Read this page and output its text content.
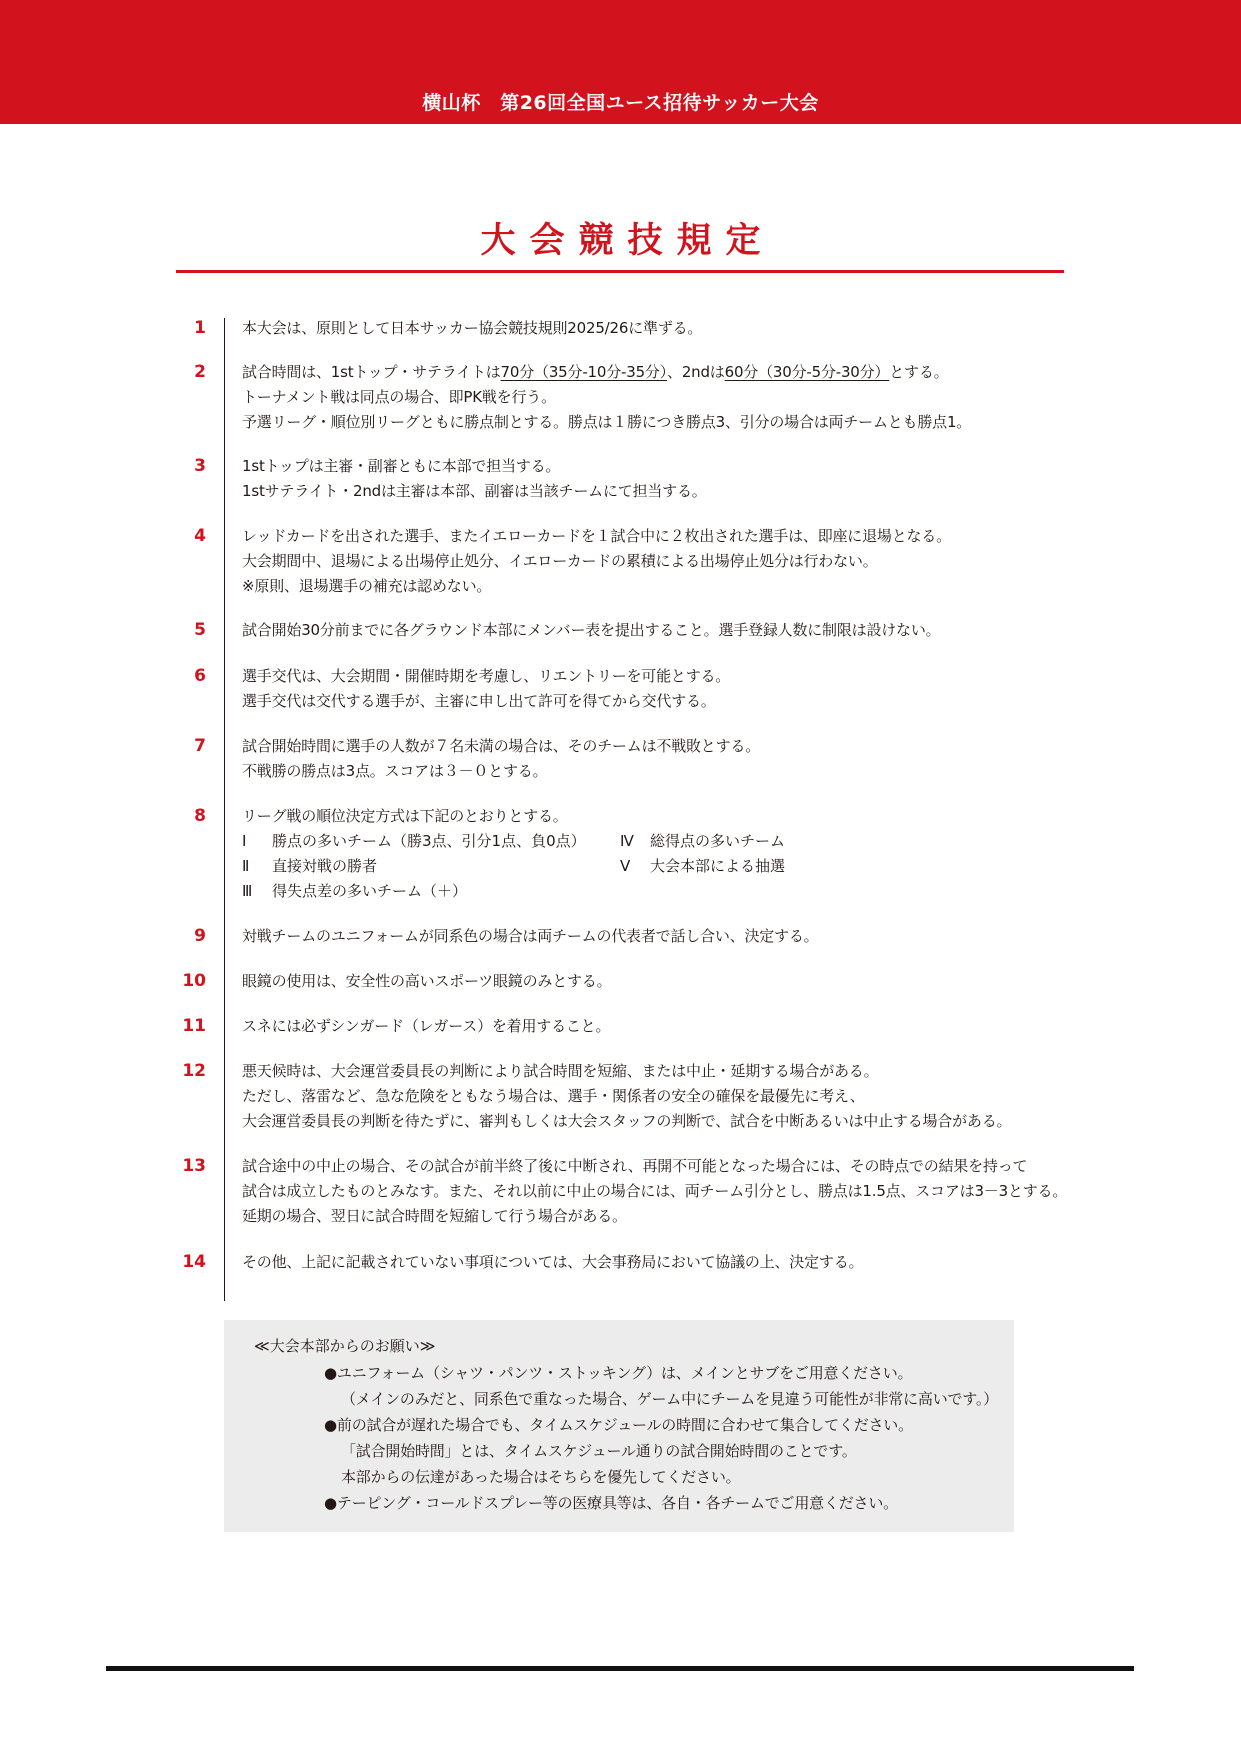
横山杯　第26回全国ユース招待サッカー大会
大会競技規定
1 本大会は、原則として日本サッカー協会競技規則2025/26に準ずる。
2 試合時間は、1stトップ・サテライトは70分（35分-10分-35分）、2ndは60分（30分-5分-30分）とする。
トーナメント戦は同点の場合、即PK戦を行う。
予選リーグ・順位別リーグともに勝点制とする。勝点は１勝につき勝点3、引分の場合は両チームとも勝点1。
3 1stトップは主審・副審ともに本部で担当する。
1stサテライト・2ndは主審は本部、副審は当該チームにて担当する。
4 レッドカードを出された選手、またイエローカードを１試合中に２枚出された選手は、即座に退場となる。
大会期間中、退場による出場停止処分、イエローカードの累積による出場停止処分は行わない。
※原則、退場選手の補充は認めない。
5 試合開始30分前までに各グラウンド本部にメンバー表を提出すること。選手登録人数に制限は設けない。
6 選手交代は、大会期間・開催時期を考慮し、リエントリーを可能とする。
選手交代は交代する選手が、主審に申し出て許可を得てから交代する。
7 試合開始時間に選手の人数が７名未満の場合は、そのチームは不戦敗とする。
不戦勝の勝点は3点。スコアは３－０とする。
8 リーグ戦の順位決定方式は下記のとおりとする。
Ⅰ 勝点の多いチーム（勝3点、引分1点、負0点）
Ⅱ 直接対戦の勝者
Ⅲ 得失点差の多いチーム（＋）
Ⅳ 総得点の多いチーム
Ⅴ 大会本部による抽選
9 対戦チームのユニフォームが同系色の場合は両チームの代表者で話し合い、決定する。
10 眼鏡の使用は、安全性の高いスポーツ眼鏡のみとする。
11 スネには必ずシンガード（レガース）を着用すること。
12 悪天候時は、大会運営委員長の判断により試合時間を短縮、または中止・延期する場合がある。
ただし、落雷など、急な危険をともなう場合は、選手・関係者の安全の確保を最優先に考え、
大会運営委員長の判断を待たずに、審判もしくは大会スタッフの判断で、試合を中断あるいは中止する場合がある。
13 試合途中の中止の場合、その試合が前半終了後に中断され、再開不可能となった場合には、その時点での結果を持って
試合は成立したものとみなす。また、それ以前に中止の場合には、両チーム引分とし、勝点は1.5点、スコアは3－3とする。
延期の場合、翌日に試合時間を短縮して行う場合がある。
14 その他、上記に記載されていない事項については、大会事務局において協議の上、決定する。
≪大会本部からのお願い≫
●ユニフォーム（シャツ・パンツ・ストッキング）は、メインとサブをご用意ください。
（メインのみだと、同系色で重なった場合、ゲーム中にチームを見違う可能性が非常に高いです。）
●前の試合が遅れた場合でも、タイムスケジュールの時間に合わせて集合してください。
「試合開始時間」とは、タイムスケジュール通りの試合開始時間のことです。
本部からの伝達があった場合はそちらを優先してください。
●テーピング・コールドスプレー等の医療具等は、各自・各チームでご用意ください。
